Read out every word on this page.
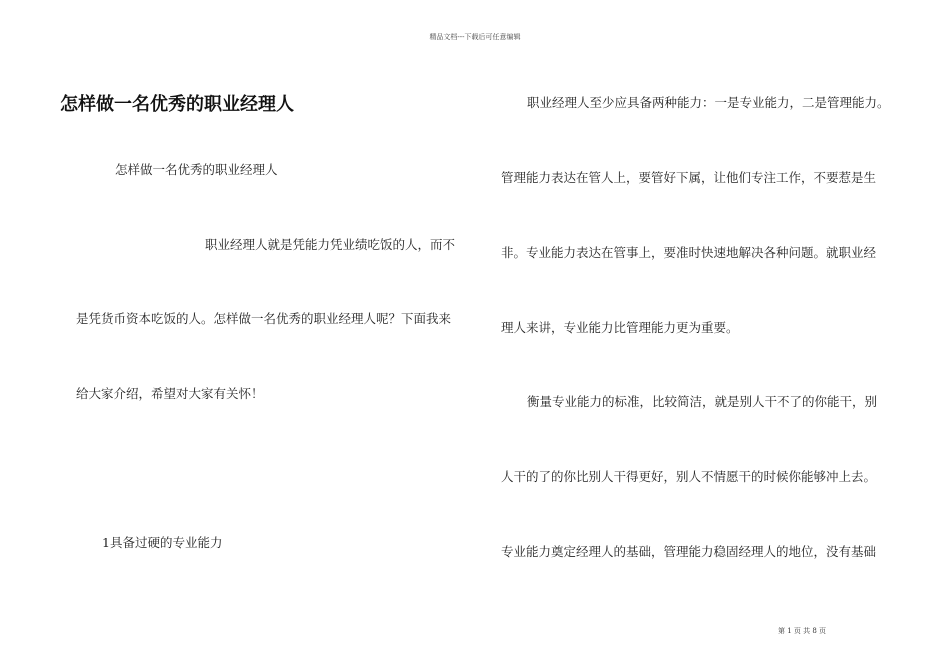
精品文档---下载后可任意编辑
怎样做一名优秀的职业经理人
怎样做一名优秀的职业经理人
职业经理人就是凭能力凭业绩吃饭的人，而不
是凭货币资本吃饭的人。怎样做一名优秀的职业经理人呢？下面我来
给大家介绍，希望对大家有关怀！
1具备过硬的专业能力
职业经理人至少应具备两种能力：一是专业能力，二是管理能力。
管理能力表达在管人上，要管好下属，让他们专注工作，不要惹是生
非。专业能力表达在管事上，要准时快速地解决各种问题。就职业经
理人来讲，专业能力比管理能力更为重要。
衡量专业能力的标准，比较简洁，就是别人干不了的你能干，别
人干的了的你比别人干得更好，别人不情愿干的时候你能够冲上去。
专业能力奠定经理人的基础，管理能力稳固经理人的地位，没有基础
第 1 页 共 8 页
